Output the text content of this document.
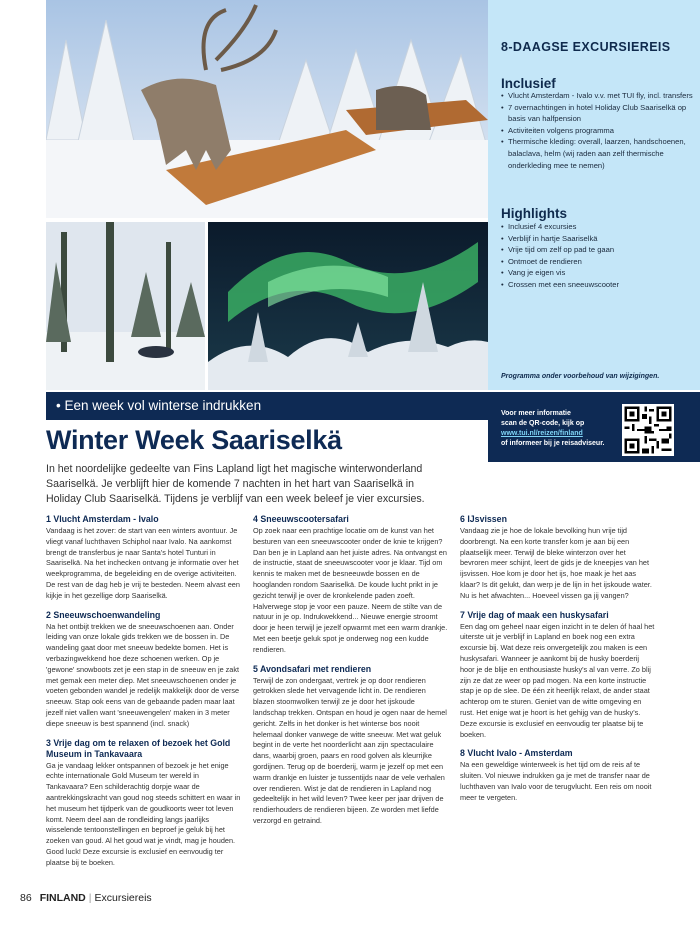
8-DAAGSE EXCURSIEREIS
Inclusief
• Vlucht Amsterdam - Ivalo v.v. met TUI fly, incl. transfers
• 7 overnachtingen in hotel Holiday Club Saariselkä op basis van halfpension
• Activiteiten volgens programma
• Thermische kleding: overall, laarzen, handschoenen, balaclava, helm (wij raden aan zelf thermische onderkleding mee te nemen)
Highlights
• Inclusief 4 excursies
• Verblijf in hartje Saariselkä
• Vrije tijd om zelf op pad te gaan
• Ontmoet de rendieren
• Vang je eigen vis
• Crossen met een sneeuwscooter
Programma onder voorbehoud van wijzigingen.
• Een week vol winterse indrukken
Voor meer informatie
scan de QR-code, kijk op
www.tui.nl/reizen/finland
of informeer bij je reisadviseur.
Winter Week Saariselkä

In het noordelijke gedeelte van Fins Lapland ligt het magische winterwonderland Saariselkä. Je verblijft hier de komende 7 nachten in het hart van Saariselkä in Holiday Club Saariselkä. Tijdens je verblijf van een week beleef je vier excursies.

1 Vlucht Amsterdam - Ivalo

Vandaag is het zover: de start van een winters avontuur. Je vliegt vanaf luchthaven Schiphol naar Ivalo. Na aankomst brengt de transferbus je naar Santa's hotel Tunturi in Saariselkä. Na het inchecken ontvang je informatie over het weekprogramma, de begeleiding en de overige activiteiten. De rest van de dag heb je vrij te besteden. Neem alvast een kijkje in het gezellige dorp Saariselkä.

2 Sneeuwschoenwandeling

Na het ontbijt trekken we de sneeuwschoenen aan. Onder leiding van onze lokale gids trekken we de bossen in. De wandeling gaat door met sneeuw bedekte bomen. Het is verbazingwekkend hoe deze schoenen werken. Op je 'gewone' snowboots zet je een stap in de sneeuw en je zakt met gemak een meter diep. Met sneeuwschoenen onder je voeten gebonden wandel je redelijk makkelijk door de verse sneeuw. Stap ook eens van de gebaande paden maar laat jezelf niet vallen want 'sneeuwengelen' maken in 3 meter diepe sneeuw is best spannend (incl. snack)

3 Vrije dag om te relaxen of bezoek het Gold Museum in Tankavaara

Ga je vandaag lekker ontspannen of bezoek je het enige echte internationale Gold Museum ter wereld in Tankavaara? Een schilderachtig dorpje waar de aantrekkingskracht van goud nog steeds schittert en waar in het museum het tijdperk van de goudkoorts weer tot leven komt. Neem deel aan de rondleiding langs jaarlijks wisselende tentoonstellingen en beproef je geluk bij het zoeken van goud. Al het goud wat je vindt, mag je houden. Good luck! Deze excursie is exclusief en eenvoudig ter plaatse bij te boeken.

4 Sneeuwscootersafari

Op zoek naar een prachtige locatie om de kunst van het besturen van een sneeuwscooter onder de knie te krijgen? Dan ben je in Lapland aan het juiste adres. Na ontvangst en de instructie, staat de sneeuwscooter voor je klaar. Tijd om kennis te maken met de besneeuwde bossen en de hooglanden rondom Saariselkä. De koude lucht prikt in je gezicht terwijl je over de kronkelende paden zoeft. Halverwege stop je voor een pauze. Neem de stilte van de natuur in je op. Indrukwekkend... Nieuwe energie stroomt door je heen terwijl je jezelf opwarmt met een warm drankje. Met een beetje geluk spot je onderweg nog een kudde rendieren.

5 Avondsafari met rendieren

Terwijl de zon ondergaat, vertrek je op door rendieren getrokken slede het vervagende licht in. De rendieren blazen stoomwolken terwijl ze je door het ijskoude landschap trekken. Ontspan en houd je ogen naar de hemel gericht. Zelfs in het donker is het winterse bos nooit helemaal donker vanwege de witte sneeuw. Met wat geluk begint in de verte het noorderlicht aan zijn spectaculaire dans, waarbij groen, paars en rood golven als kleurrijke gordijnen. Terug op de boerderij, warm je jezelf op met een warm drankje en luister je tussentijds naar de vele verhalen over rendieren. Wist je dat de rendieren in Lapland nog gedeeltelijk in het wild leven? Twee keer per jaar drijven de rendierhouders de rendieren bijeen. Ze worden met liefde verzorgd en getraind.

6 IJsvissen

Vandaag zie je hoe de lokale bevolking hun vrije tijd doorbrengt. Na een korte transfer kom je aan bij een plaatselijk meer. Terwijl de bleke winterzon over het bevroren meer schijnt, leert de gids je de kneepjes van het ijsvissen. Hoe kom je door het ijs, hoe maak je het aas klaar? Is dit gelukt, dan werp je de lijn in het ijskoude water. Nu is het afwachten... Hoeveel vissen ga jij vangen?

7 Vrije dag of maak een huskysafari

Een dag om geheel naar eigen inzicht in te delen óf haal het uiterste uit je verblijf in Lapland en boek nog een extra excursie bij. Wat deze reis onvergetelijk zou maken is een huskysafari. Wanneer je aankomt bij de husky boerderij hoor je de blije en enthousiaste husky's al van verre. Zo blij zijn ze dat ze weer op pad mogen. Na een korte instructie stap je op de slee. De één zit heerlijk relaxt, de ander staat achterop om te sturen. Geniet van de witte omgeving en rust. Het enige wat je hoort is het gehijg van de husky's. Deze excursie is exclusief en eenvoudig ter plaatse bij te boeken.

8 Vlucht Ivalo - Amsterdam

Na een geweldige winterweek is het tijd om de reis af te sluiten. Vol nieuwe indrukken ga je met de transfer naar de luchthaven van Ivalo voor de terugvlucht. Een reis om nooit meer te vergeten.

86 FINLAND | Excursiereis
